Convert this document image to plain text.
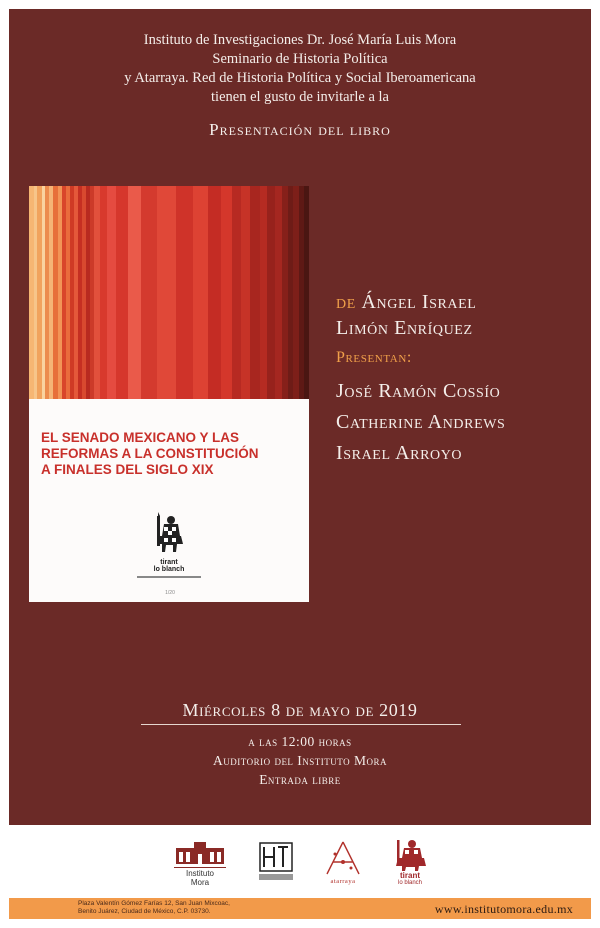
Instituto de Investigaciones Dr. José María Luis Mora
Seminario de Historia Política
y Atarraya. Red de Historia Política y Social Iberoamericana
tienen el gusto de invitarle a la
Presentación del libro
EL SENADO MEXICANO Y LAS
REFORMAS A LA CONSTITUCIÓN
A FINALES DEL SIGLO XIX
tirant
lo blanch
1/20
de Ángel Israel
Limón Enríquez
Presentan:
José Ramón Cossío
Catherine Andrews
Israel Arroyo
Miércoles 8 de mayo de 2019
a las 12:00 horas
Auditorio del Instituto Mora
Entrada libre
Instituto
Mora	atarraya
tirant
lo blanch
Plaza Valentín Gómez Farías 12, San Juan Mixcoac,
Benito Juárez, Ciudad de México, C.P. 03730.	www.institutomora.edu.mx
